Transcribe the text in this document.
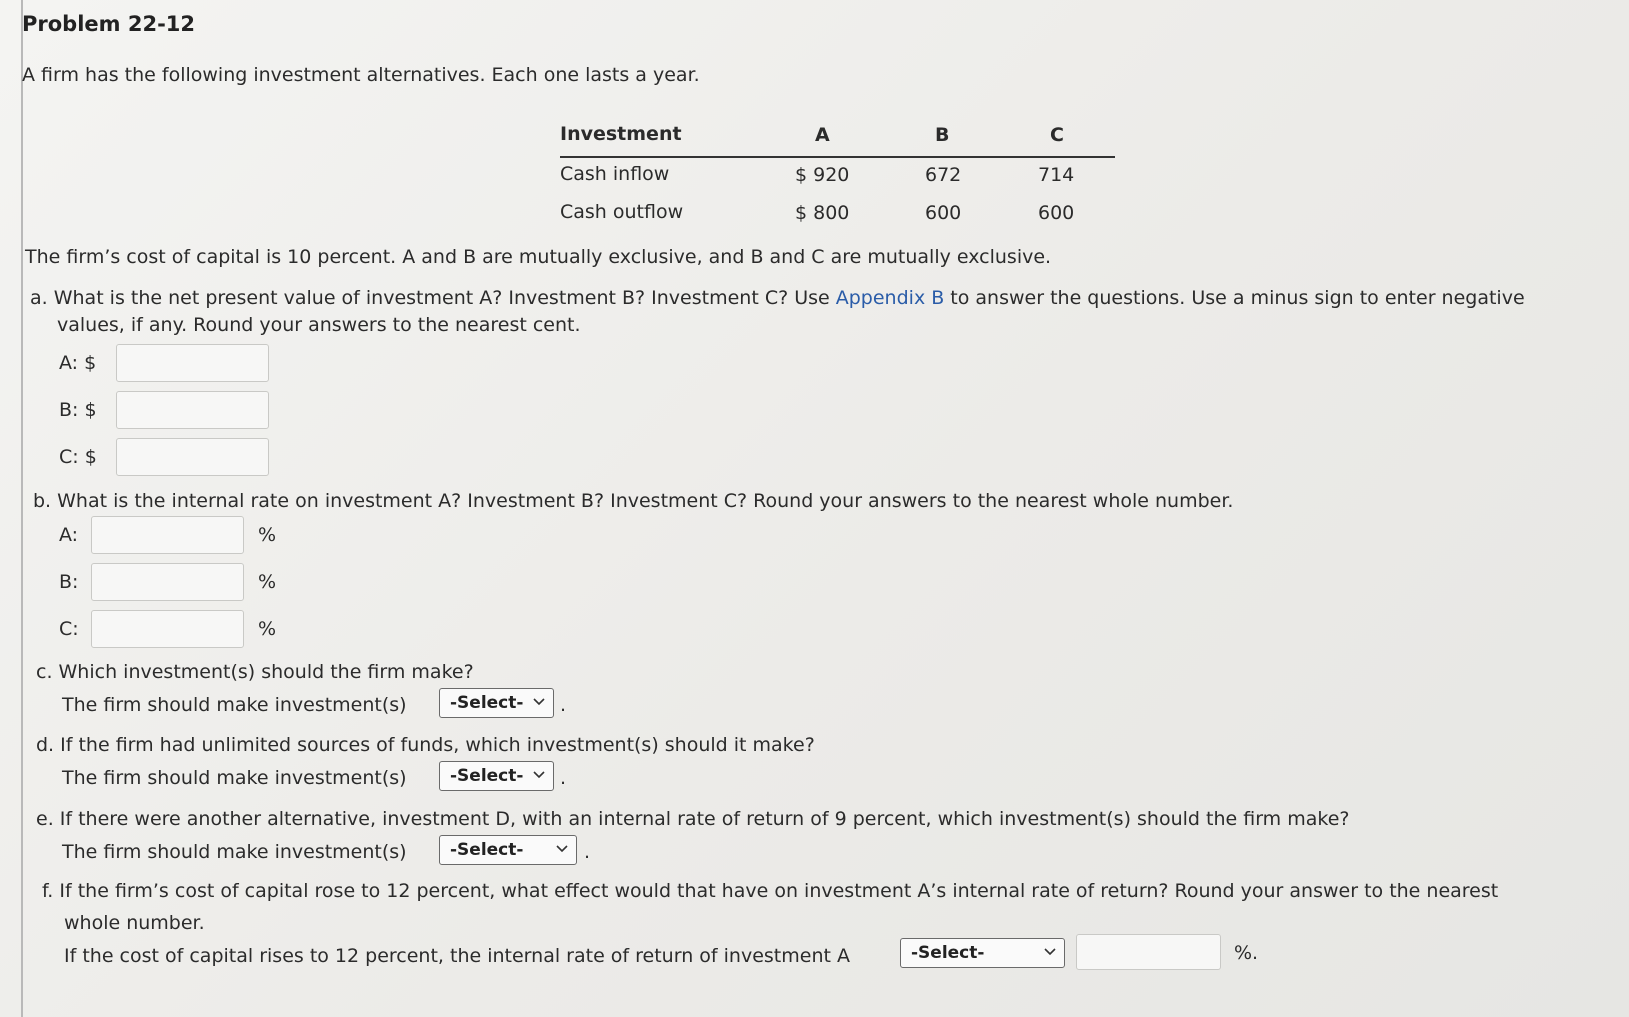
Problem 22-12
A firm has the following investment alternatives. Each one lasts a year.
Investment	A	B	C
Cash inflow	$ 920	672	714
Cash outflow	$ 800	600	600
The firm’s cost of capital is 10 percent. A and B are mutually exclusive, and B and C are mutually exclusive.
a. What is the net present value of investment A? Investment B? Investment C? Use Appendix B to answer the questions. Use a minus sign to enter negative
values, if any. Round your answers to the nearest cent.
A: $
B: $
C: $
b. What is the internal rate on investment A? Investment B? Investment C? Round your answers to the nearest whole number.
A:	%
B:	%
C:	%
c. Which investment(s) should the firm make?
The firm should make investment(s)	-Select-	.
d. If the firm had unlimited sources of funds, which investment(s) should it make?
The firm should make investment(s)	-Select-	.
e. If there were another alternative, investment D, with an internal rate of return of 9 percent, which investment(s) should the firm make?
The firm should make investment(s)	-Select-	.
f. If the firm’s cost of capital rose to 12 percent, what effect would that have on investment A’s internal rate of return? Round your answer to the nearest
whole number.
If the cost of capital rises to 12 percent, the internal rate of return of investment A	-Select-	%.
